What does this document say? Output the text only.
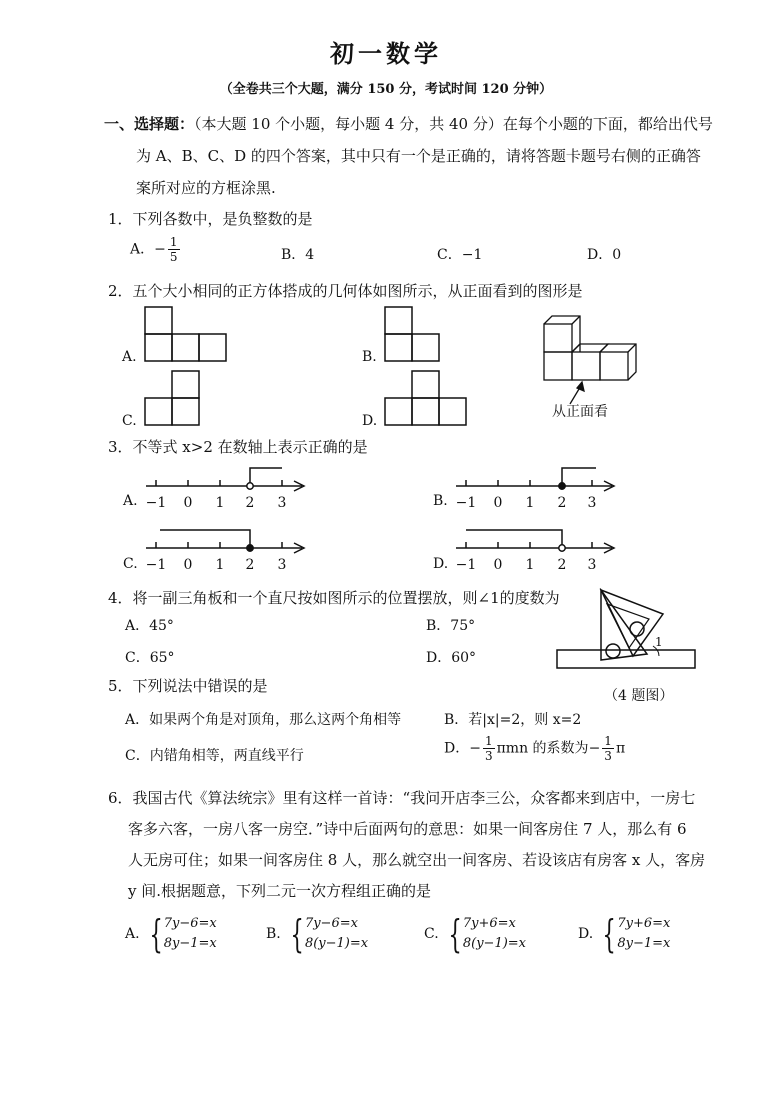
初一数学
（全卷共三个大题，满分 150 分，考试时间 120 分钟）
一、选择题：（本大题 10 个小题，每小题 4 分，共 40 分）在每个小题的下面，都给出代号
为 A、B、C、D 的四个答案，其中只有一个是正确的，请将答题卡题号右侧的正确答
案所对应的方框涂黑.
1．下列各数中，是负整数的是
A．− $\frac{1}{5}$	B．4	C．−1	D．0
2．五个大小相同的正方体搭成的几何体如图所示，从正面看到的图形是
A.	B.
C.	D.
从正面看
3．不等式 x>2 在数轴上表示正确的是
A. −1 0 1 2 3	B. −1 0 1 2 3
C. −1 0 1 2 3	D. −1 0 1 2 3
4．将一副三角板和一个直尺按如图所示的位置摆放，则∠1的度数为
A．45°	B．75°
C．65°	D．60°
1
（4 题图）
5．下列说法中错误的是
A．如果两个角是对顶角，那么这两个角相等	B．若|x|=2，则 x=2
C．内错角相等，两直线平行	D．− $\frac{1}{3}$ πmn 的系数为− $\frac{1}{3}$ π
6．我国古代《算法统宗》里有这样一首诗：“我问开店李三公，众客都来到店中，一房七
客多六客，一房八客一房空．”诗中后面两句的意思：如果一间客房住 7 人，那么有 6
人无房可住；如果一间客房住 8 人，那么就空出一间客房、若设该店有房客 x 人，客房
y 间.根据题意，下列二元一次方程组正确的是
A. {7y−6=x
8y−1=x
B. {7y−6=x
8(y−1)=x
C. {7y+6=x
8(y−1)=x
D. {7y+6=x
8y−1=x
